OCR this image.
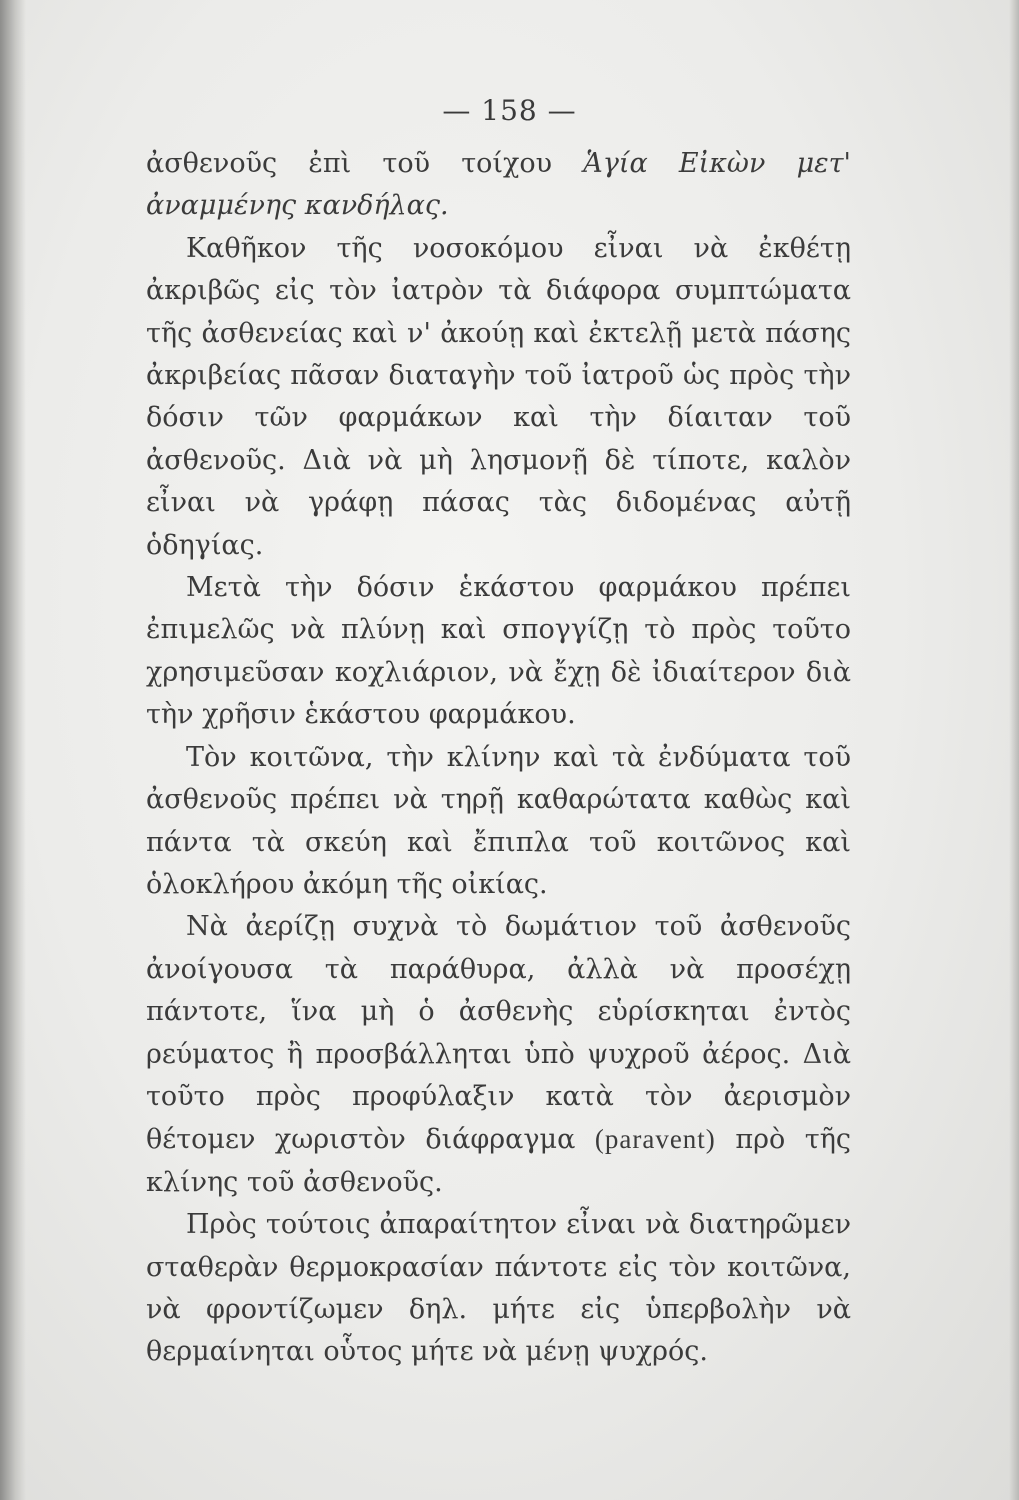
— 158 —

ἀσθενοῦς ἐπὶ τοῦ τοίχου Ἁγία Εἰκὼν μετ' ἀναμμένης κανδήλας.

Καθῆκον τῆς νοσοκόμου εἶναι νὰ ἐκθέτῃ ἀκριβῶς εἰς τὸν ἰατρὸν τὰ διάφορα συμπτώματα τῆς ἀσθενείας καὶ ν' ἀκούῃ καὶ ἐκτελῇ μετὰ πάσης ἀκριβείας πᾶσαν διαταγὴν τοῦ ἰατροῦ ὡς πρὸς τὴν δόσιν τῶν φαρμάκων καὶ τὴν δίαιταν τοῦ ἀσθενοῦς. Διὰ νὰ μὴ λησμονῇ δὲ τίποτε, καλὸν εἶναι νὰ γράφῃ πάσας τὰς διδομένας αὐτῇ ὁδηγίας.

Μετὰ τὴν δόσιν ἑκάστου φαρμάκου πρέπει ἐπιμελῶς νὰ πλύνῃ καὶ σπογγίζῃ τὸ πρὸς τοῦτο χρησιμεῦσαν κοχλιάριον, νὰ ἔχῃ δὲ ἰδιαίτερον διὰ τὴν χρῆσιν ἑκάστου φαρμάκου.

Τὸν κοιτῶνα, τὴν κλίνην καὶ τὰ ἐνδύματα τοῦ ἀσθενοῦς πρέπει νὰ τηρῇ καθαρώτατα καθὼς καὶ πάντα τὰ σκεύη καὶ ἔπιπλα τοῦ κοιτῶνος καὶ ὁλοκλήρου ἀκόμη τῆς οἰκίας.

Νὰ ἀερίζῃ συχνὰ τὸ δωμάτιον τοῦ ἀσθενοῦς ἀνοίγουσα τὰ παράθυρα, ἀλλὰ νὰ προσέχῃ πάντοτε, ἵνα μὴ ὁ ἀσθενὴς εὑρίσκηται ἐντὸς ρεύματος ἢ προσβάλληται ὑπὸ ψυχροῦ ἀέρος. Διὰ τοῦτο πρὸς προφύλαξιν κατὰ τὸν ἀερισμὸν θέτομεν χωριστὸν διάφραγμα (paravent) πρὸ τῆς κλίνης τοῦ ἀσθενοῦς.

Πρὸς τούτοις ἀπαραίτητον εἶναι νὰ διατηρῶμεν σταθερὰν θερμοκρασίαν πάντοτε εἰς τὸν κοιτῶνα, νὰ φροντίζωμεν δηλ. μήτε εἰς ὑπερβολὴν νὰ θερμαίνηται οὗτος μήτε νὰ μένῃ ψυχρός.
